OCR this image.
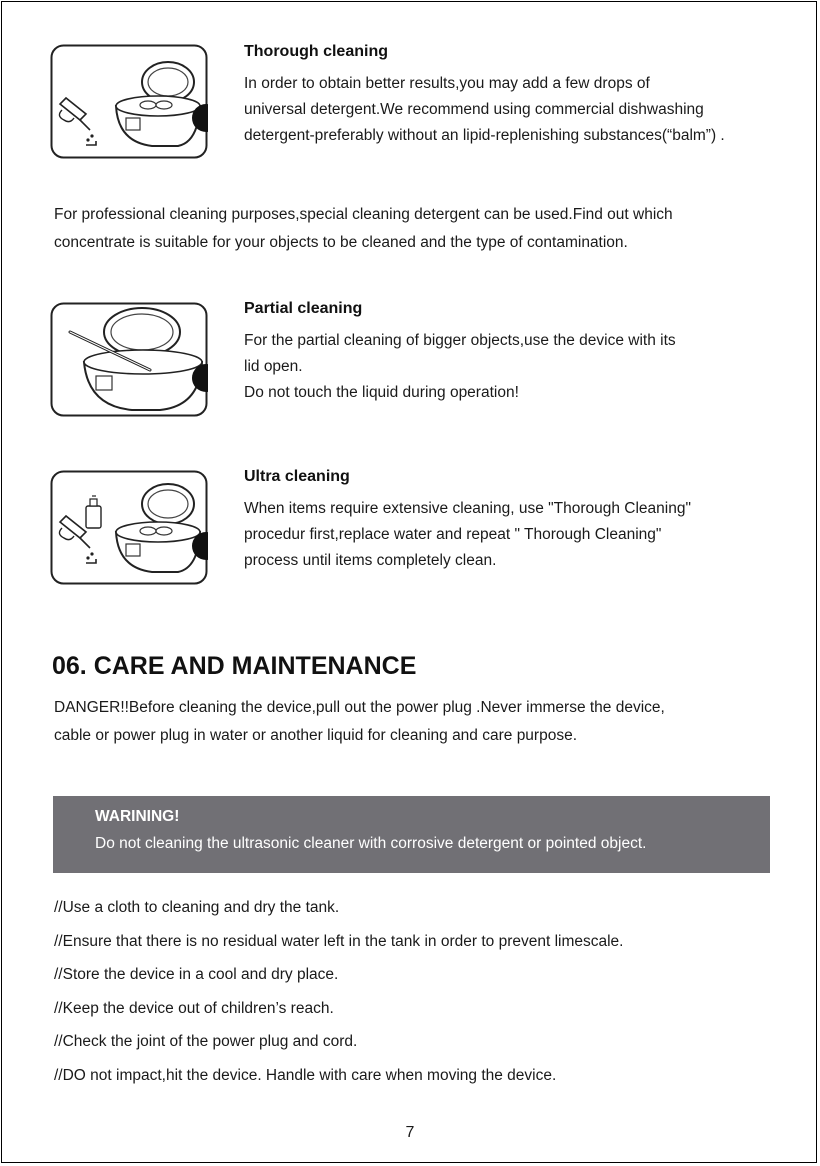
Thorough cleaning
In order to obtain better results,you may add a few drops of
universal detergent.We recommend using commercial dishwashing
detergent-preferably without an lipid-replenishing substances(“balm”) .
For professional cleaning purposes,special cleaning detergent can be used.Find out which
concentrate is suitable for your objects to be cleaned and the type of contamination.
Partial cleaning
For the partial cleaning of bigger objects,use the device with its
lid open.
Do not touch the liquid during operation!
Ultra cleaning
When items require extensive cleaning, use "Thorough Cleaning"
procedur first,replace water and repeat " Thorough Cleaning"
process until items completely clean.
06. CARE AND MAINTENANCE
DANGER!!Before cleaning the device,pull out the power plug .Never immerse the device,
cable or power plug in water or another liquid for cleaning and care purpose.
WARINING!
Do not cleaning the ultrasonic cleaner with corrosive detergent or pointed object.
//Use a cloth to cleaning and dry the tank.
//Ensure that there is no residual water left in the tank in order to prevent limescale.
//Store the device in a cool and dry place.
//Keep the device out of children’s reach.
//Check the joint of the power plug and cord.
//DO not impact,hit the device. Handle with care when moving the device.
7
